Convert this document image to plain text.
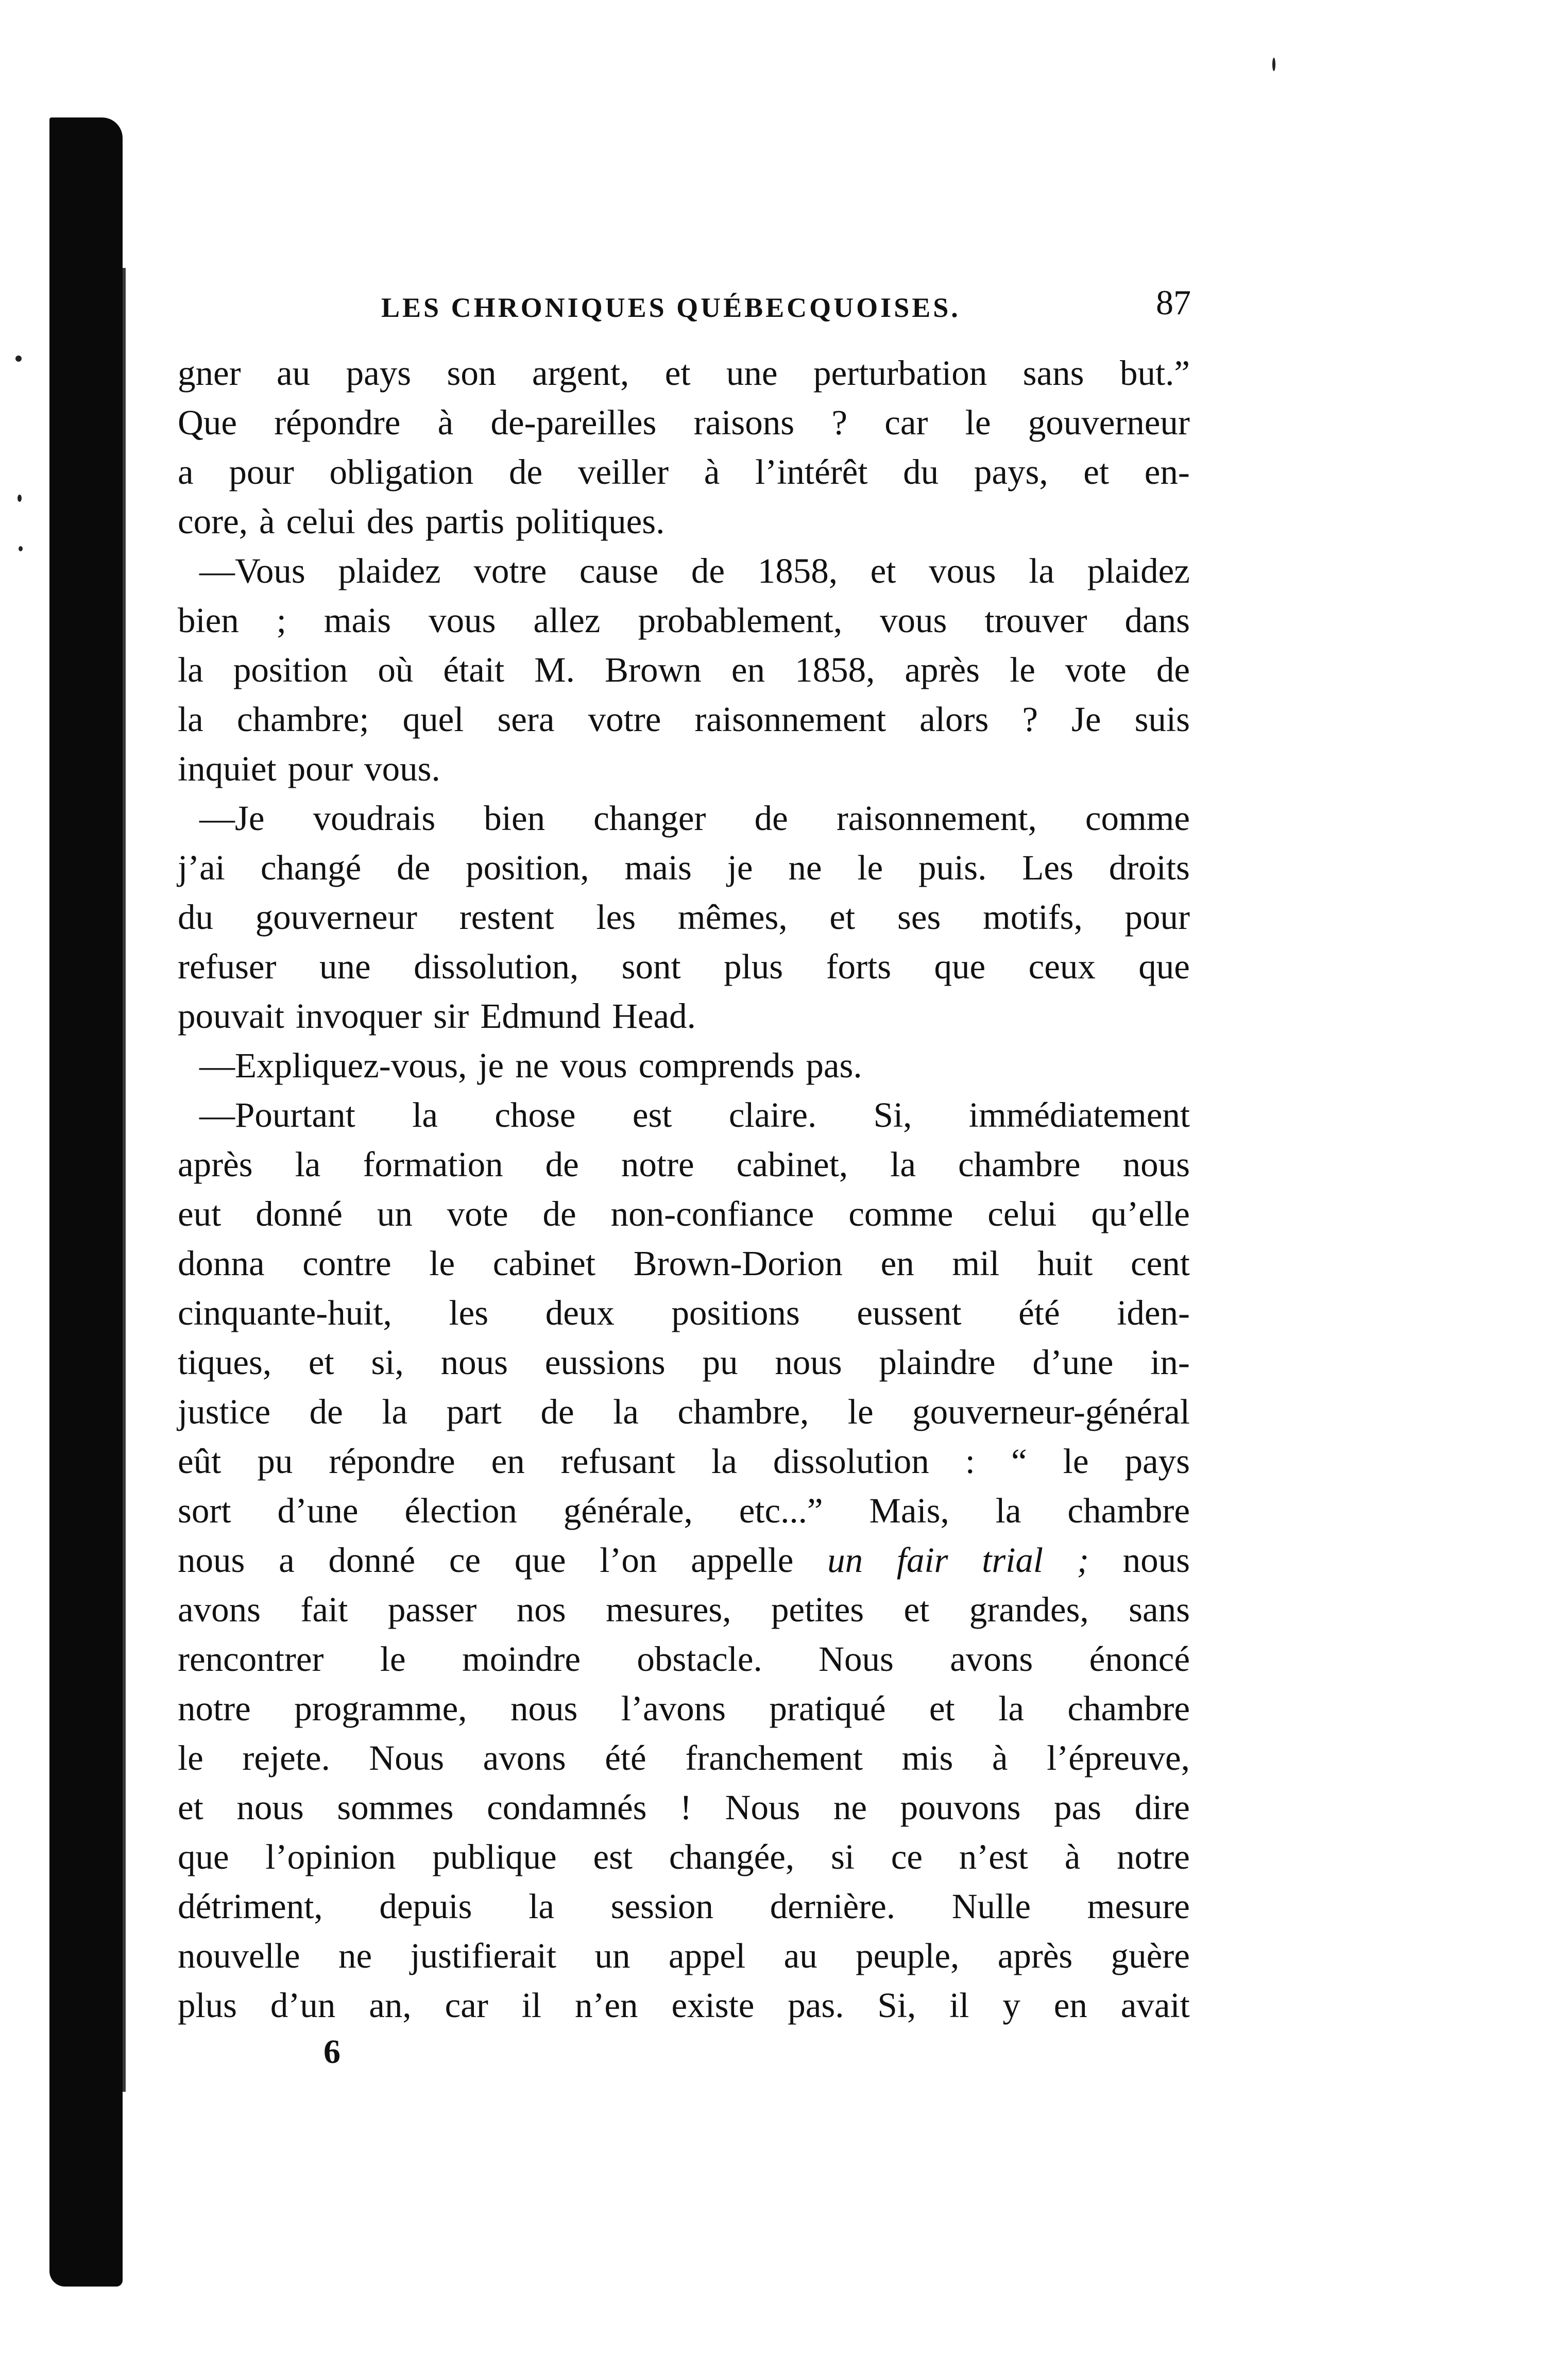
LES CHRONIQUES QUÉBECQUOISES.	87
gner au pays son argent, et une perturbation sans but.”
Que répondre à de-pareilles raisons ? car le gouverneur
a pour obligation de veiller à l’intérêt du pays, et en-
core, à celui des partis politiques.
—Vous plaidez votre cause de 1858, et vous la plaidez
bien ; mais vous allez probablement, vous trouver dans
la position où était M. Brown en 1858, après le vote de
la chambre; quel sera votre raisonnement alors ? Je suis
inquiet pour vous.
—Je voudrais bien changer de raisonnement, comme
j’ai changé de position, mais je ne le puis. Les droits
du gouverneur restent les mêmes, et ses motifs, pour
refuser une dissolution, sont plus forts que ceux que
pouvait invoquer sir Edmund Head.
—Expliquez-vous, je ne vous comprends pas.
—Pourtant la chose est claire. Si, immédiatement
après la formation de notre cabinet, la chambre nous
eut donné un vote de non-confiance comme celui qu’elle
donna contre le cabinet Brown-Dorion en mil huit cent
cinquante-huit, les deux positions eussent été iden-
tiques, et si, nous eussions pu nous plaindre d’une in-
justice de la part de la chambre, le gouverneur-général
eût pu répondre en refusant la dissolution : “ le pays
sort d’une élection générale, etc...” Mais, la chambre
nous a donné ce que l’on appelle un fair trial ; nous
avons fait passer nos mesures, petites et grandes, sans
rencontrer le moindre obstacle. Nous avons énoncé
notre programme, nous l’avons pratiqué et la chambre
le rejete. Nous avons été franchement mis à l’épreuve,
et nous sommes condamnés ! Nous ne pouvons pas dire
que l’opinion publique est changée, si ce n’est à notre
détriment, depuis la session dernière. Nulle mesure
nouvelle ne justifierait un appel au peuple, après guère
plus d’un an, car il n’en existe pas. Si, il y en avait
6
